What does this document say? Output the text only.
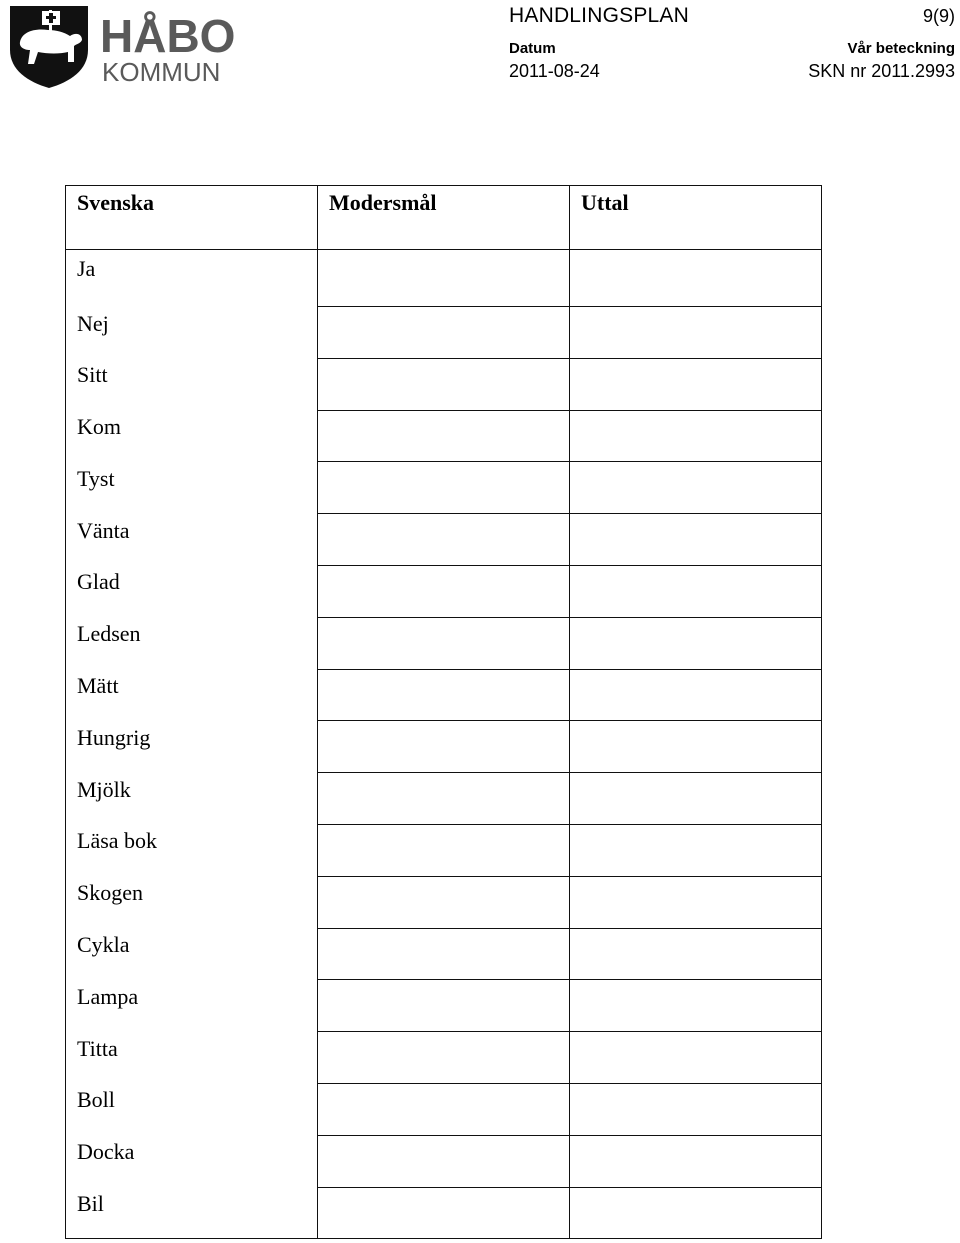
HÅBO
KOMMUN
HANDLINGSPLAN	9(9)
Datum	Vår beteckning
2011-08-24	SKN nr 2011.2993
Svenska	Modersmål	Uttal
Ja		
Nej		
Sitt		
Kom		
Tyst		
Vänta		
Glad		
Ledsen		
Mätt		
Hungrig		
Mjölk		
Läsa bok		
Skogen		
Cykla		
Lampa		
Titta		
Boll		
Docka		
Bil		
